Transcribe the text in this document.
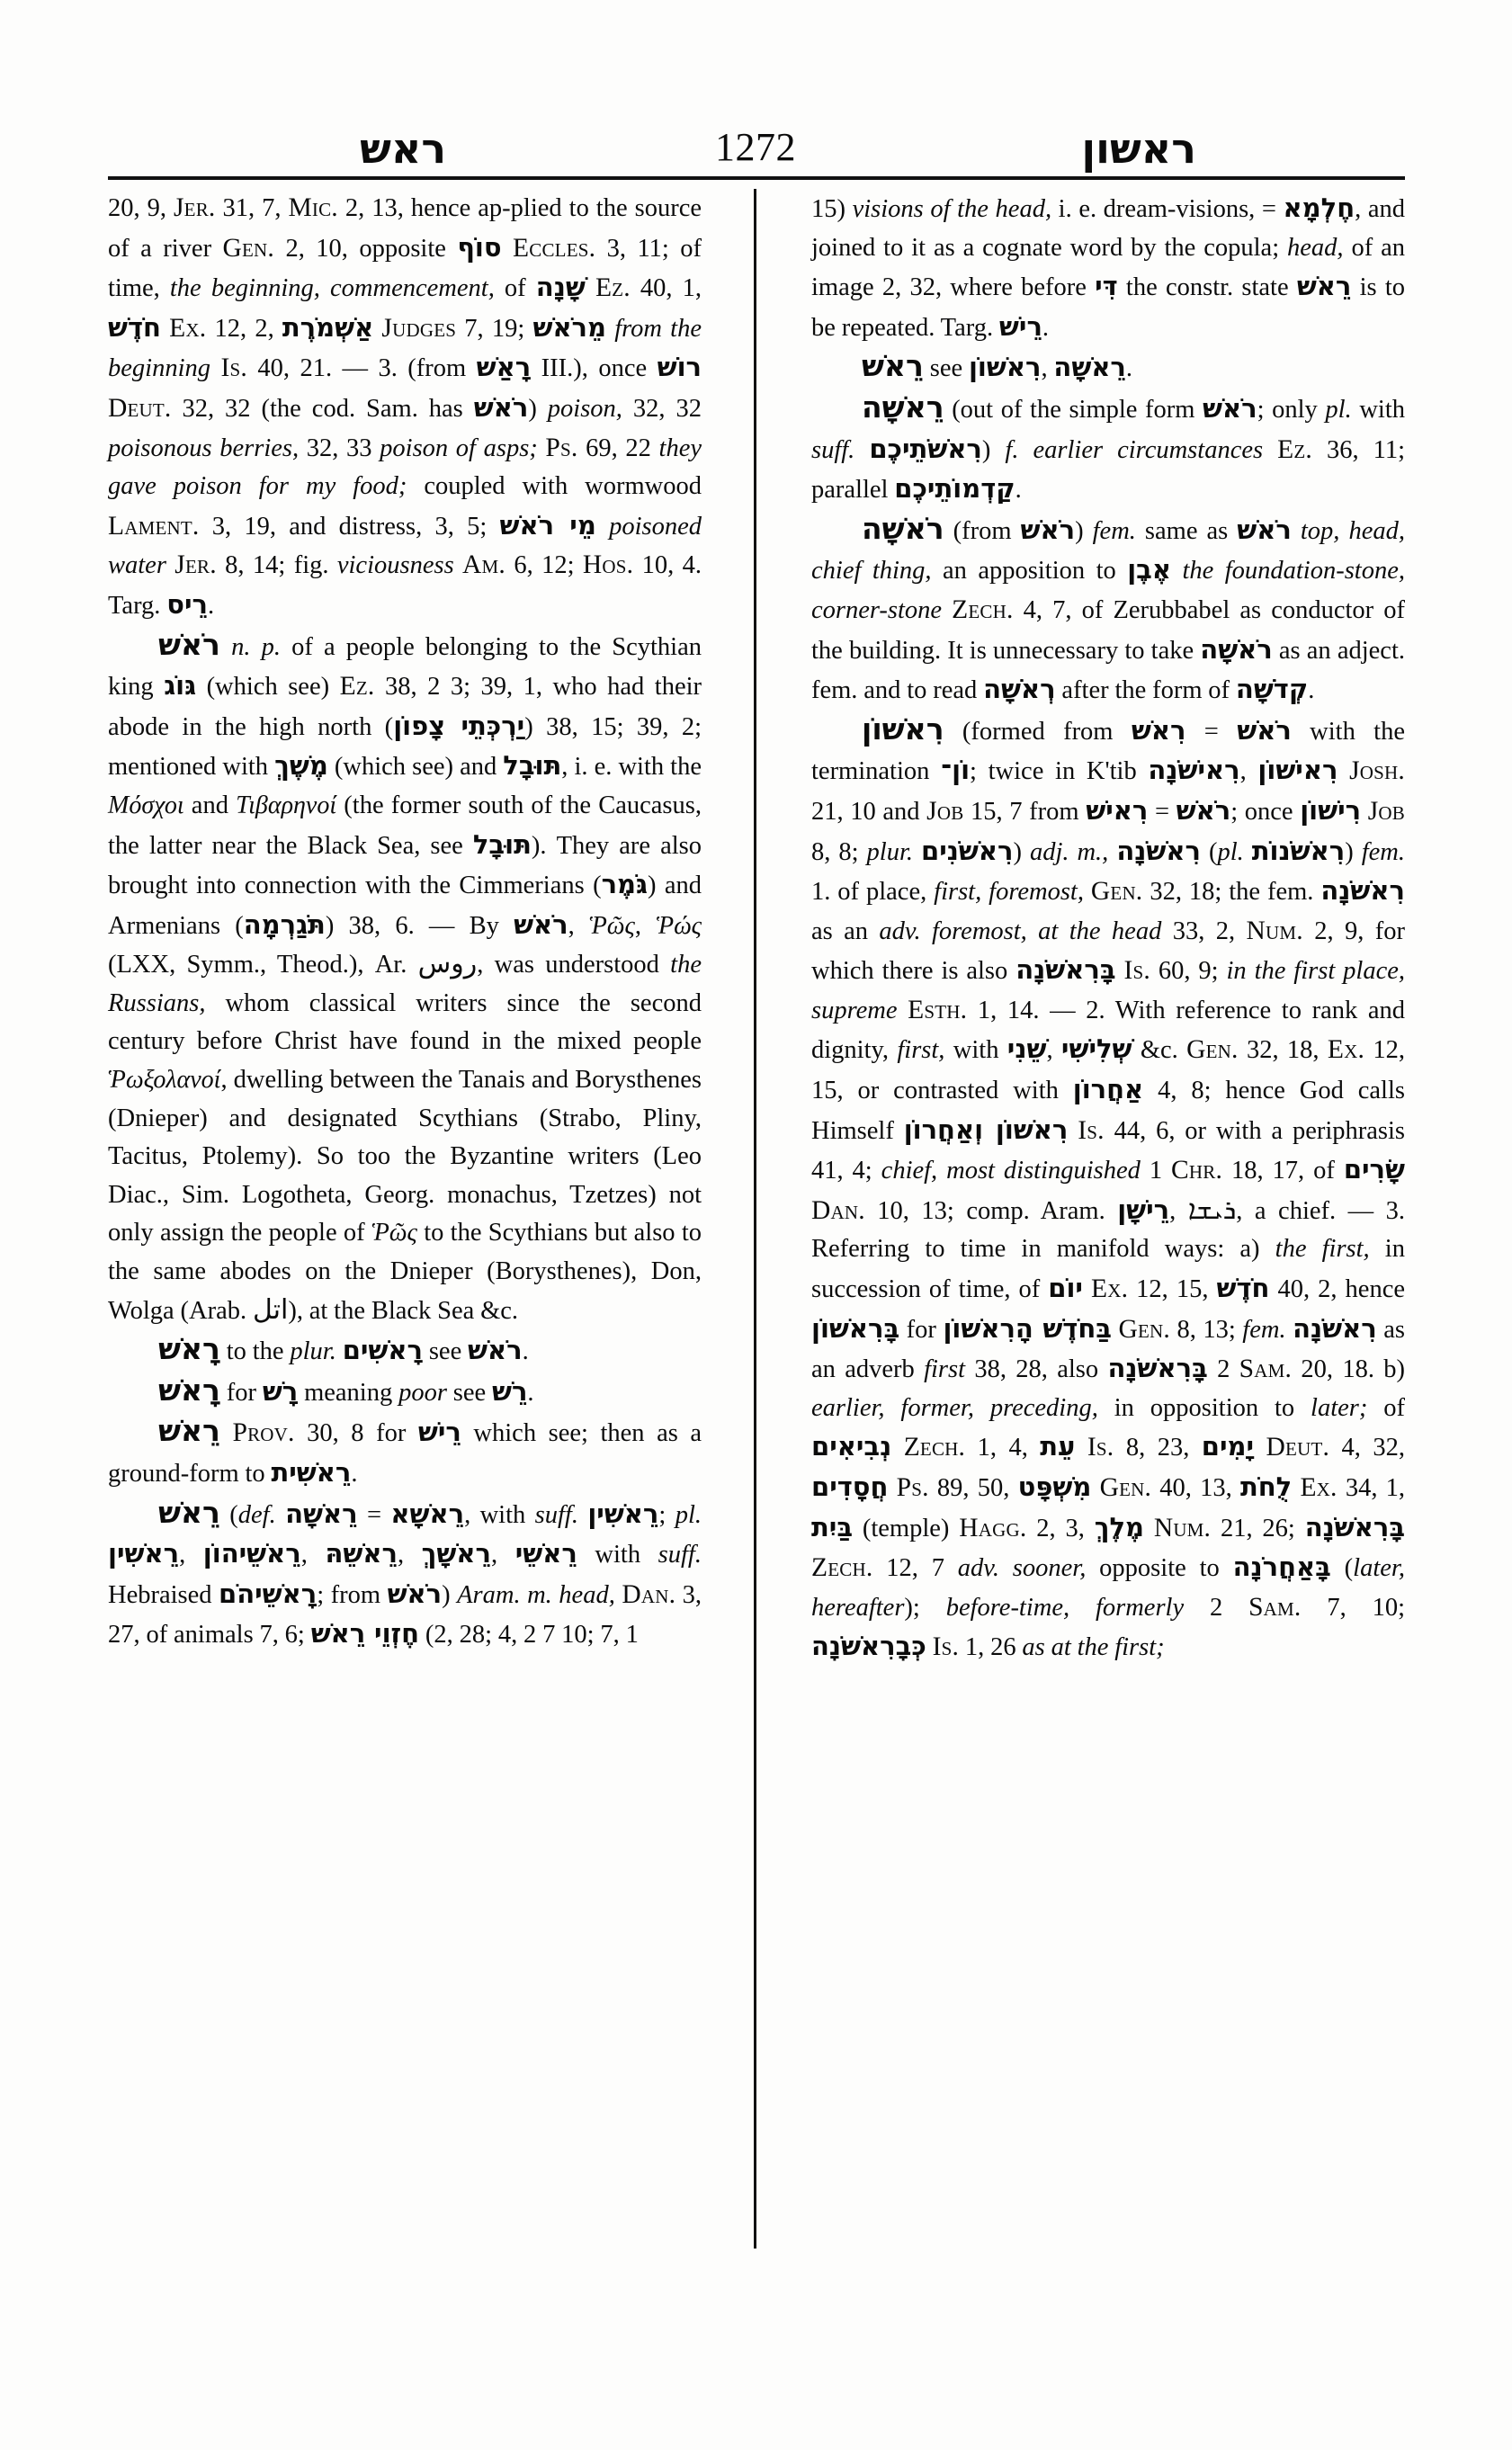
ראש	1272	ראשון

20, 9, Jer. 31, 7, Mic. 2, 13, hence ap-plied to the source of a river Gen. 2, 10, opposite סוֹף Eccles. 3, 11; of time, the beginning, commencement, of שָׁנָה Ez. 40, 1, חֹדֶשׁ Ex. 12, 2, אַשְׁמֹרֶת Judges 7, 19; מֵרֹאשׁ from the beginning Is. 40, 21. — 3. (from רָאַשׁ III.), once רוֹשׁ Deut. 32, 32 (the cod. Sam. has רֹאשׁ) poison, 32, 32 poisonous berries, 32, 33 poison of asps; Ps. 69, 22 they gave poison for my food; coupled with wormwood Lament. 3, 19, and distress, 3, 5; מֵי רֹאשׁ poisoned water Jer. 8, 14; fig. viciousness Am. 6, 12; Hos. 10, 4. Targ. רֵיס.

רֹאשׁ n. p. of a people belonging to the Scythian king גּוֹג (which see) Ez. 38, 2 3; 39, 1, who had their abode in the high north (יַרְכְּתֵי צָפוֹן) 38, 15; 39, 2; mentioned with מֶשֶׁךְ (which see) and תּוּבָל, i. e. with the Μόσχοι and Τιβαρηνοί (the former south of the Caucasus, the latter near the Black Sea, see תּוּבָל). They are also brought into connection with the Cimmerians (גֹּמֶר) and Armenians (תֹּגַרְמָה) 38, 6. — By רֹאשׁ, Ῥῶς, Ῥώς (LXX, Symm., Theod.), Ar. روس, was understood the Russians, whom classical writers since the second century before Christ have found in the mixed people Ῥωξολανοί, dwelling between the Tanais and Borysthenes (Dnieper) and designated Scythians (Strabo, Pliny, Tacitus, Ptolemy). So too the Byzantine writers (Leo Diac., Sim. Logotheta, Georg. monachus, Tzetzes) not only assign the people of Ῥῶς to the Scythians but also to the same abodes on the Dnieper (Borysthenes), Don, Wolga (Arab. اتل), at the Black Sea &c.

רָאשׁ to the plur. רָאשִׁים see רֹאשׁ.

רָאשׁ for רָשׁ meaning poor see רֵשׁ.

רֵאשׁ Prov. 30, 8 for רֵישׁ which see; then as a ground-form to רֵאשִׁית.

רֵאשׁ (def. רֵאשָׁה = רֵאשָׁא, with suff. רֵאשִׁין; pl. רֵאשִׁין, רֵאשֵׁיהוֹן, רֵאשֵׁהּ, רֵאשָׁךְ, רֵאשֵׁי with suff. Hebraised רָאשֵׁיהֹם; from רֹאשׁ) Aram. m. head, Dan. 3, 27, of animals 7, 6; חֶזְוֵי רֵאשׁ (2, 28; 4, 2 7 10; 7, 1

15) visions of the head, i. e. dream-visions, = חֶלְמָא, and joined to it as a cognate word by the copula; head, of an image 2, 32, where before דִּי the constr. state רֵאשׁ is to be repeated. Targ. רֵישׁ.

רֵאשׁ see רִאשׁוֹן, רֵאשָׁה.

רֵאשָׁה (out of the simple form רֹאשׁ; only pl. with suff. רִאשֹׁתֵיכֶם) f. earlier circumstances Ez. 36, 11; parallel קַדְמוֹתֵיכֶם.

רֹאשָׁה (from רֹאשׁ) fem. same as רֹאשׁ top, head, chief thing, an apposition to אֶבֶן the foundation-stone, corner-stone Zech. 4, 7, of Zerubbabel as conductor of the building. It is unnecessary to take רֹאשָׁה as an adject. fem. and to read רְאֹשָׁה after the form of קְדֹשָׁה.

רִאשׁוֹן (formed from רִאשׁ = רֹאשׁ with the termination וֹן־; twice in K'tib רִאישֹׁנָה, רִאישׁוֹן Josh. 21, 10 and Job 15, 7 from רִאישׁ = רֹאשׁ; once רִישׁוֹן Job 8, 8; plur. רִאשֹׁנִים) adj. m., רִאשֹׁנָה (pl. רִאשֹׁנוֹת) fem. 1. of place, first, foremost, Gen. 32, 18; the fem. רִאשֹׁנָה as an adv. foremost, at the head 33, 2, Num. 2, 9, for which there is also בָּרִאשֹׁנָה Is. 60, 9; in the first place, supreme Esth. 1, 14. — 2. With reference to rank and dignity, first, with שֵׁנִי, שְׁלִישִׁי &c. Gen. 32, 18, Ex. 12, 15, or contrasted with אַחֲרוֹן 4, 8; hence God calls Himself רִאשׁוֹן וְאַחֲרוֹן Is. 44, 6, or with a periphrasis 41, 4; chief, most distinguished 1 Chr. 18, 17, of שָׂרִים Dan. 10, 13; comp. Aram. רֵישָׁן, ܪܝܫܐ, a chief. — 3. Referring to time in manifold ways: a) the first, in succession of time, of יוֹם Ex. 12, 15, חֹדֶשׁ 40, 2, hence בָּרִאשׁוֹן for בַּחֹדֶשׁ הָרִאשׁוֹן Gen. 8, 13; fem. רִאשֹׁנָה as an adverb first 38, 28, also בָּרִאשֹׁנָה 2 Sam. 20, 18. b) earlier, former, preceding, in opposition to later; of נְבִיאִים Zech. 1, 4, עֵת Is. 8, 23, יָמִים Deut. 4, 32, חֲסָדִים Ps. 89, 50, מִשְׁפָּט Gen. 40, 13, לֻחֹת Ex. 34, 1, בַּיִת (temple) Hagg. 2, 3, מֶלֶךְ Num. 21, 26; בָּרִאשֹׁנָה Zech. 12, 7 adv. sooner, opposite to בָּאַחֲרֹנָה (later, hereafter); before-time, formerly 2 Sam. 7, 10; כְּבָרִאשֹׁנָה Is. 1, 26 as at the first;
